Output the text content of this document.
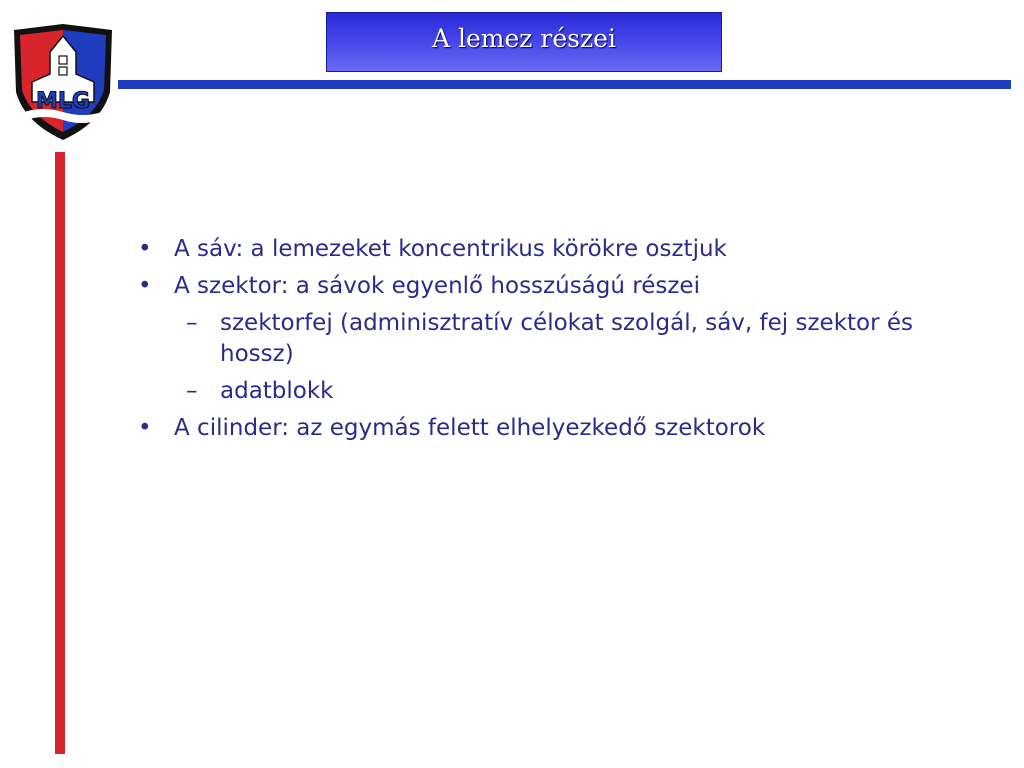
MLG
A lemez részei
• A sáv: a lemezeket koncentrikus körökre osztjuk
• A szektor: a sávok egyenlő hosszúságú részei
– szektorfej (adminisztratív célokat szolgál, sáv, fej szektor és hossz)
– adatblokk
• A cilinder: az egymás felett elhelyezkedő szektorok
